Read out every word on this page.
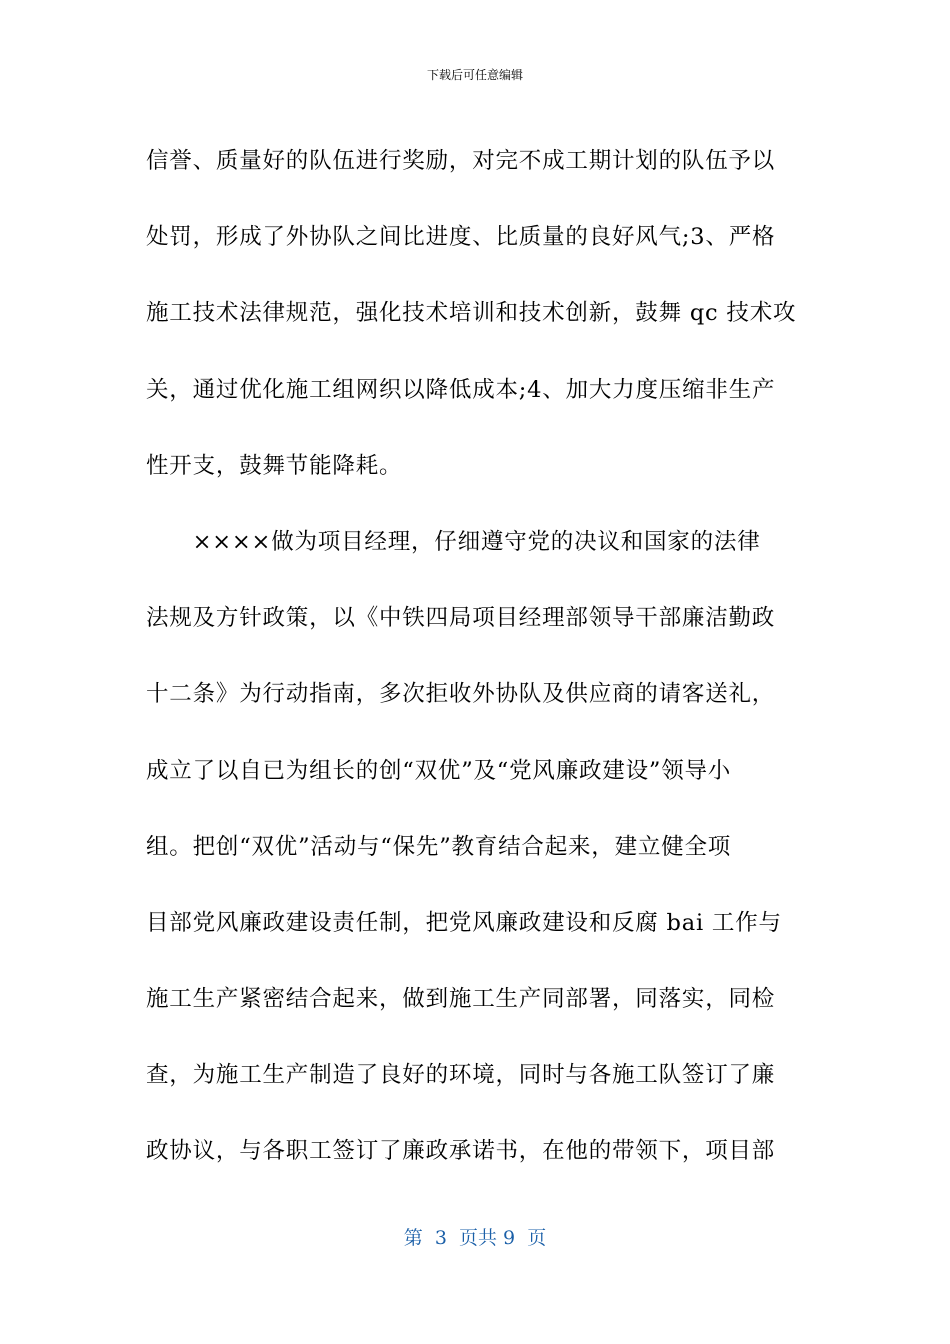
下载后可任意编辑
信誉、质量好的队伍进行奖励，对完不成工期计划的队伍予以
处罚，形成了外协队之间比进度、比质量的良好风气;3、严格
施工技术法律规范，强化技术培训和技术创新，鼓舞 qc 技术攻
关，通过优化施工组网织以降低成本;4、加大力度压缩非生产
性开支，鼓舞节能降耗。
　　××××做为项目经理，仔细遵守党的决议和国家的法律
法规及方针政策，以《中铁四局项目经理部领导干部廉洁勤政
十二条》为行动指南，多次拒收外协队及供应商的请客送礼，
成立了以自已为组长的创“双优”及“党风廉政建设”领导小
组。把创“双优”活动与“保先”教育结合起来，建立健全项
目部党风廉政建设责任制，把党风廉政建设和反腐 bai 工作与
施工生产紧密结合起来，做到施工生产同部署，同落实，同检
查，为施工生产制造了良好的环境，同时与各施工队签订了廉
政协议，与各职工签订了廉政承诺书，在他的带领下，项目部
第  3  页共 9  页
